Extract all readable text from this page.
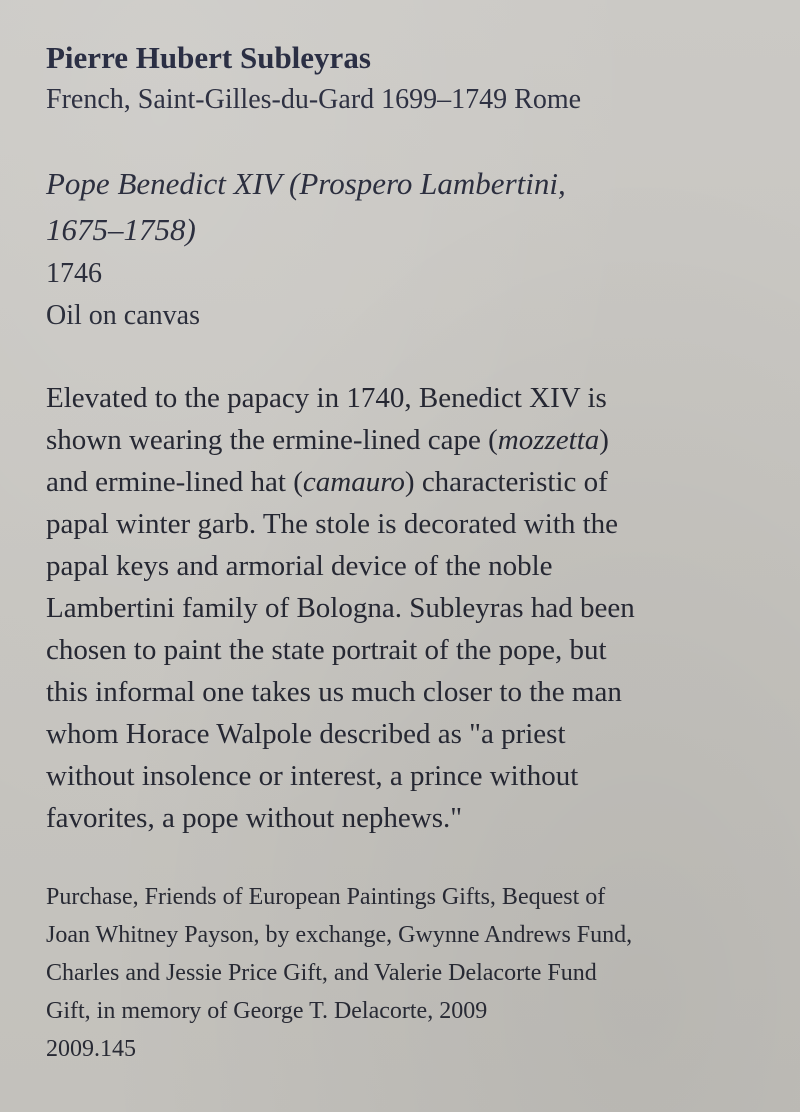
Pierre Hubert Subleyras

French, Saint-Gilles-du-Gard 1699–1749 Rome

Pope Benedict XIV (Prospero Lambertini,

1675–1758)

1746

Oil on canvas

Elevated to the papacy in 1740, Benedict XIV is

shown wearing the ermine-lined cape (mozzetta)

and ermine-lined hat (camauro) characteristic of

papal winter garb. The stole is decorated with the

papal keys and armorial device of the noble

Lambertini family of Bologna. Subleyras had been

chosen to paint the state portrait of the pope, but

this informal one takes us much closer to the man

whom Horace Walpole described as "a priest

without insolence or interest, a prince without

favorites, a pope without nephews."

Purchase, Friends of European Paintings Gifts, Bequest of

Joan Whitney Payson, by exchange, Gwynne Andrews Fund,

Charles and Jessie Price Gift, and Valerie Delacorte Fund

Gift, in memory of George T. Delacorte, 2009

2009.145
